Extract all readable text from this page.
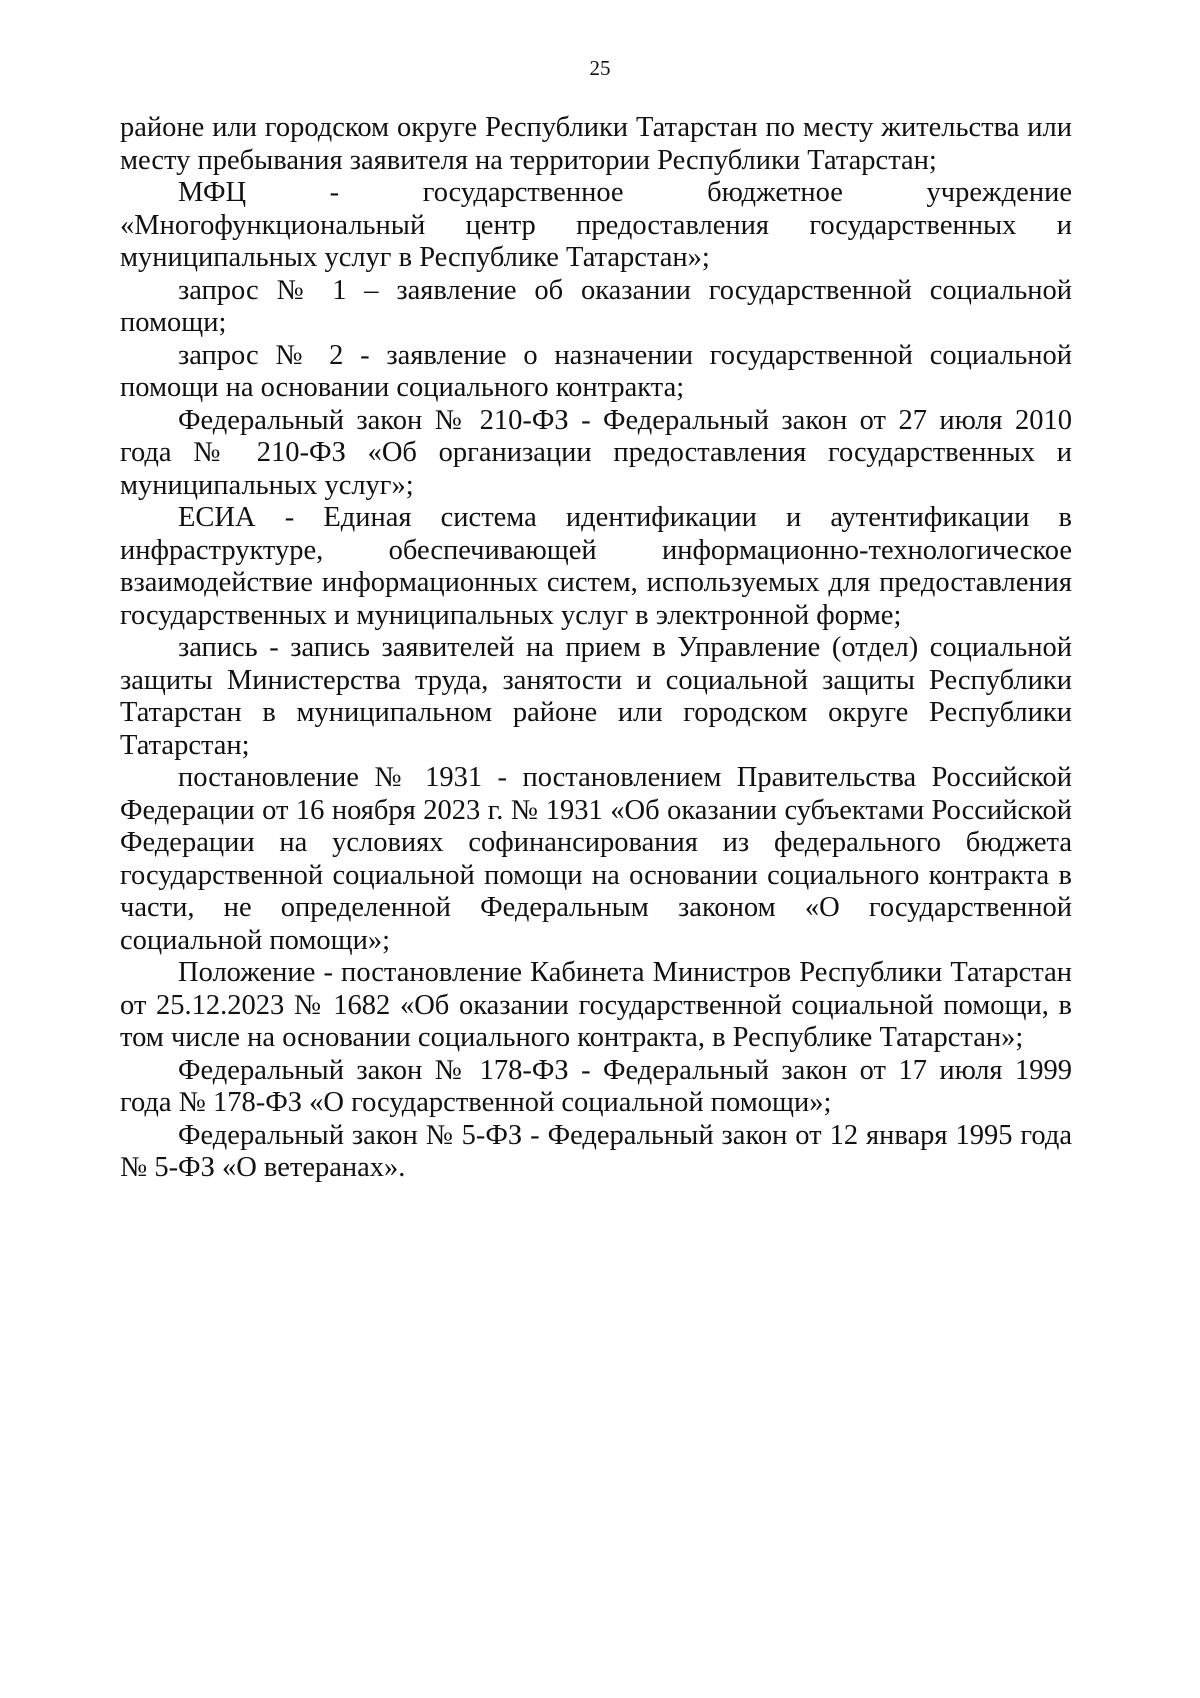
25

районе или городском округе Республики Татарстан по месту жительства или месту пребывания заявителя на территории Республики Татарстан;

МФЦ - государственное бюджетное учреждение «Многофункциональный центр предоставления государственных и муниципальных услуг в Республике Татарстан»;

запрос № 1 – заявление об оказании государственной социальной помощи;

запрос № 2 - заявление о назначении государственной социальной помощи на основании социального контракта;

Федеральный закон № 210-ФЗ - Федеральный закон от 27 июля 2010 года № 210-ФЗ «Об организации предоставления государственных и муниципальных услуг»;

ЕСИА - Единая система идентификации и аутентификации в инфраструктуре, обеспечивающей информационно-технологическое взаимодействие информационных систем, используемых для предоставления государственных и муниципальных услуг в электронной форме;

запись - запись заявителей на прием в Управление (отдел) социальной защиты Министерства труда, занятости и социальной защиты Республики Татарстан в муниципальном районе или городском округе Республики Татарстан;

постановление № 1931 - постановлением Правительства Российской Федерации от 16 ноября 2023 г. № 1931 «Об оказании субъектами Российской Федерации на условиях софинансирования из федерального бюджета государственной социальной помощи на основании социального контракта в части, не определенной Федеральным законом «О государственной социальной помощи»;

Положение - постановление Кабинета Министров Республики Татарстан от 25.12.2023 № 1682 «Об оказании государственной социальной помощи, в том числе на основании социального контракта, в Республике Татарстан»;

Федеральный закон № 178-ФЗ - Федеральный закон от 17 июля 1999 года № 178-ФЗ «О государственной социальной помощи»;

Федеральный закон № 5-ФЗ - Федеральный закон от 12 января 1995 года № 5-ФЗ «О ветеранах».
